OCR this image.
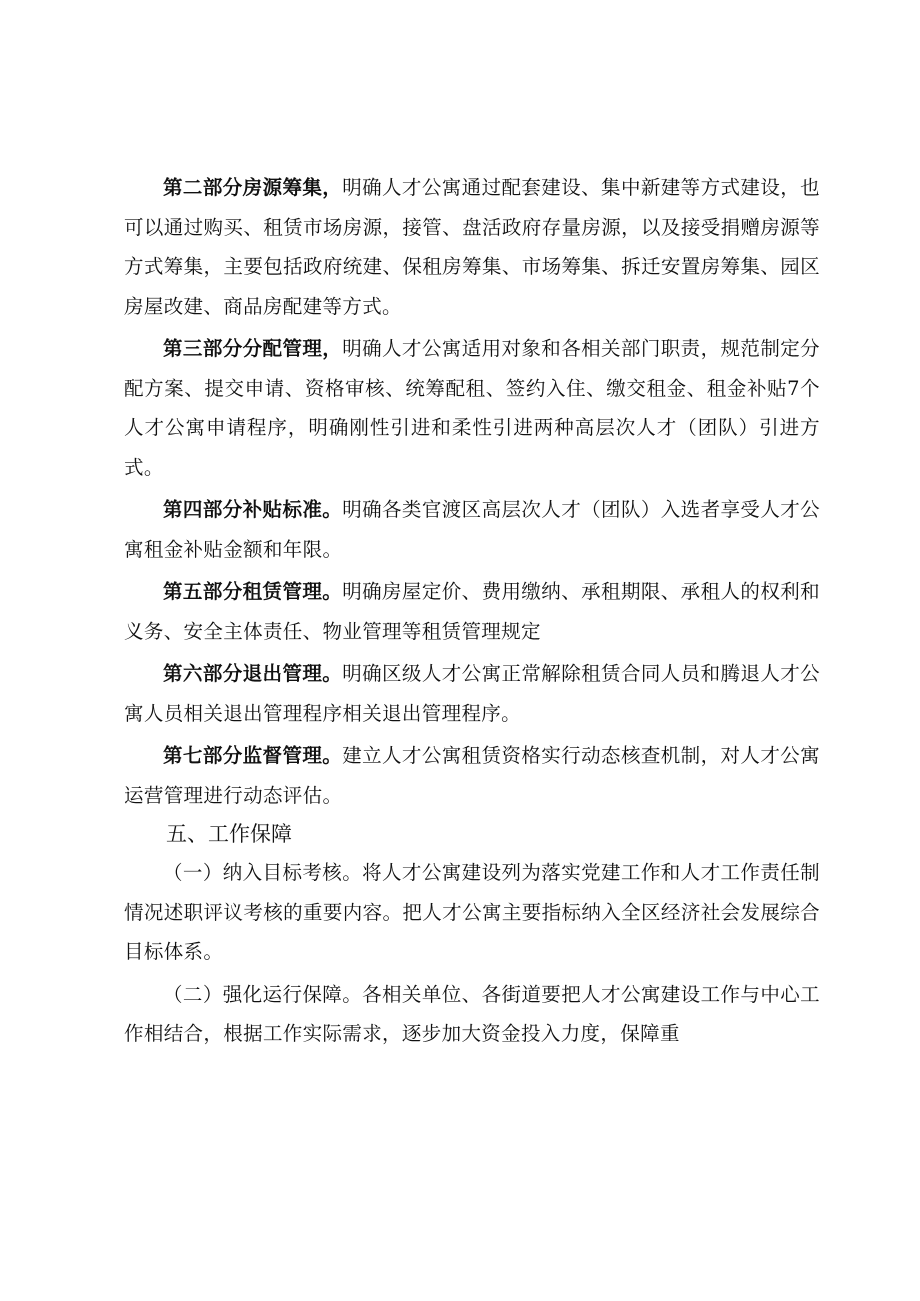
第二部分房源筹集，明确人才公寓通过配套建设、集中新建等方式建设，也可以通过购买、租赁市场房源，接管、盘活政府存量房源，以及接受捐赠房源等方式筹集，主要包括政府统建、保租房筹集、市场筹集、拆迁安置房筹集、园区房屋改建、商品房配建等方式。

第三部分分配管理，明确人才公寓适用对象和各相关部门职责，规范制定分配方案、提交申请、资格审核、统筹配租、签约入住、缴交租金、租金补贴7个人才公寓申请程序，明确刚性引进和柔性引进两种高层次人才（团队）引进方式。

第四部分补贴标准。明确各类官渡区高层次人才（团队）入选者享受人才公寓租金补贴金额和年限。

第五部分租赁管理。明确房屋定价、费用缴纳、承租期限、承租人的权利和义务、安全主体责任、物业管理等租赁管理规定

第六部分退出管理。明确区级人才公寓正常解除租赁合同人员和腾退人才公寓人员相关退出管理程序相关退出管理程序。

第七部分监督管理。建立人才公寓租赁资格实行动态核查机制，对人才公寓运营管理进行动态评估。

五、工作保障

（一）纳入目标考核。将人才公寓建设列为落实党建工作和人才工作责任制情况述职评议考核的重要内容。把人才公寓主要指标纳入全区经济社会发展综合目标体系。

（二）强化运行保障。各相关单位、各街道要把人才公寓建设工作与中心工作相结合，根据工作实际需求，逐步加大资金投入力度，保障重
